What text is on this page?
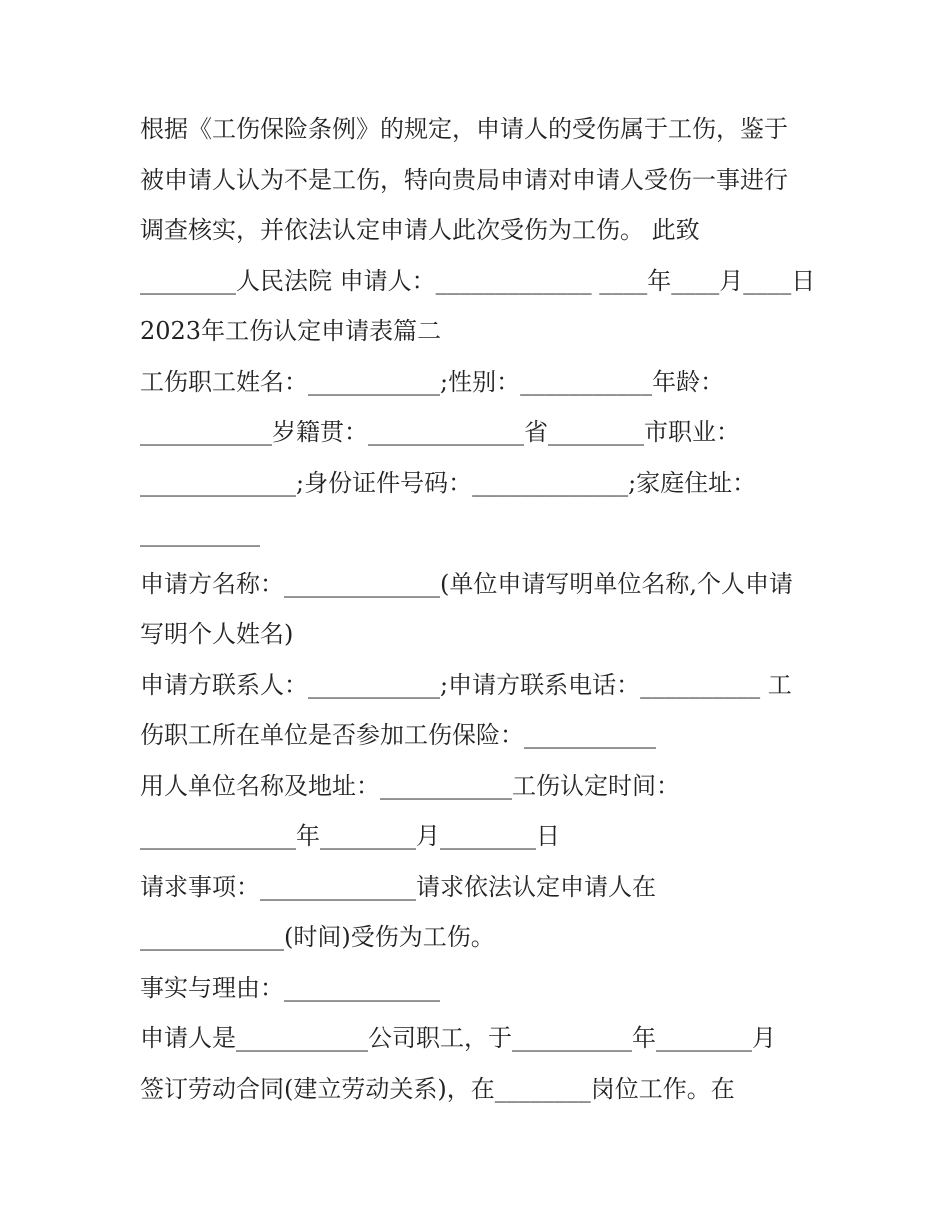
根据《工伤保险条例》的规定，申请人的受伤属于工伤，鉴于
被申请人认为不是工伤，特向贵局申请对申请人受伤一事进行
调查核实，并依法认定申请人此次受伤为工伤。 此致
________人民法院 申请人：_____________ ____年____月____日
2023年工伤认定申请表篇二
工伤职工姓名：___________;性别：___________年龄：
___________岁籍贯：_____________省________市职业：
_____________;身份证件号码：_____________;家庭住址：
__________
申请方名称：_____________(单位申请写明单位名称,个人申请
写明个人姓名)
申请方联系人：___________;申请方联系电话：__________ 工
伤职工所在单位是否参加工伤保险：___________
用人单位名称及地址：___________工伤认定时间：
_____________年________月________日
请求事项：_____________请求依法认定申请人在
____________(时间)受伤为工伤。
事实与理由：_____________
申请人是___________公司职工，于__________年________月
签订劳动合同(建立劳动关系)，在________岗位工作。在
